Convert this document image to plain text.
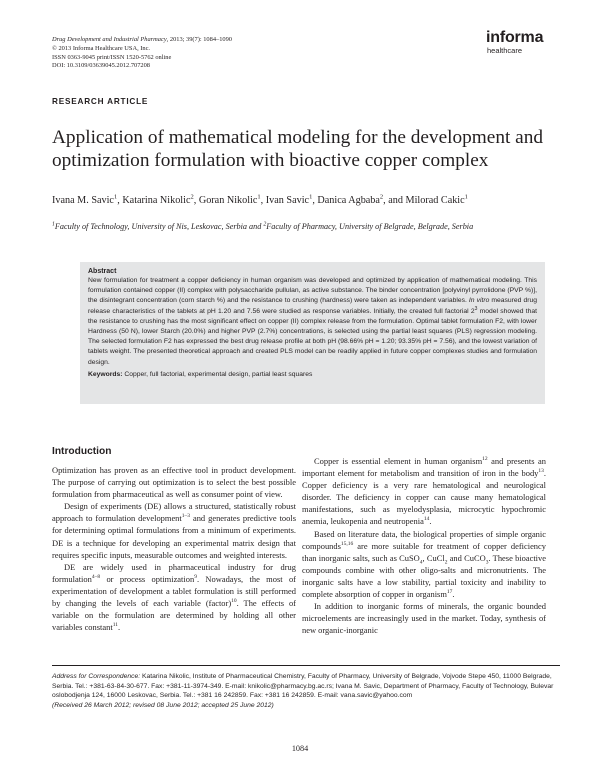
Drug Development and Industrial Pharmacy, 2013; 39(7): 1084–1090
© 2013 Informa Healthcare USA, Inc.
ISSN 0363-9045 print/ISSN 1520-5762 online
DOI: 10.3109/03639045.2012.707208
informa
healthcare
RESEARCH ARTICLE
Application of mathematical modeling for the development and optimization formulation with bioactive copper complex
Ivana M. Savic$^1$, Katarina Nikolic$^2$, Goran Nikolic$^1$, Ivan Savic$^1$, Danica Agbaba$^2$, and Milorad Cakic$^1$
$^1$Faculty of Technology, University of Nis, Leskovac, Serbia and $^2$Faculty of Pharmacy, University of Belgrade, Belgrade, Serbia
Abstract
New formulation for treatment a copper deficiency in human organism was developed and optimized by application of mathematical modeling. This formulation contained copper (II) complex with polysaccharide pullulan, as active substance. The binder concentration [polyvinyl pyrrolidone (PVP %)], the disintegrant concentration (corn starch %) and the resistance to crushing (hardness) were taken as independent variables. In vitro measured drug release characteristics of the tablets at pH 1.20 and 7.56 were studied as response variables. Initially, the created full factorial $2^3$ model showed that the resistance to crushing has the most significant effect on copper (II) complex release from the formulation. Optimal tablet formulation F2, with lower Hardness (50 N), lower Starch (20.0%) and higher PVP (2.7%) concentrations, is selected using the partial least squares (PLS) regression modeling. The selected formulation F2 has expressed the best drug release profile at both pH (98.66% pH = 1.20; 93.35% pH = 7.56), and the lowest variation of tablets weight. The presented theoretical approach and created PLS model can be readily applied in future copper complexes studies and formulation design.
Keywords: Copper, full factorial, experimental design, partial least squares
Introduction

Optimization has proven as an effective tool in product development. The purpose of carrying out optimization is to select the best possible formulation from pharmaceutical as well as consumer point of view.

Design of experiments (DE) allows a structured, statistically robust approach to formulation development$^{1-3}$ and generates predictive tools for determining optimal formulations from a minimum of experiments. DE is a technique for developing an experimental matrix design that requires specific inputs, measurable outcomes and weighted interests.

DE are widely used in pharmaceutical industry for drug formulation$^{4-8}$ or process optimization$^9$. Nowadays, the most of experimentation of development a tablet formulation is still performed by changing the levels of each variable (factor)$^{10}$. The effects of variable on the formulation are determined by holding all other variables constant$^{11}$.

Copper is essential element in human organism$^{12}$ and presents an important element for metabolism and transition of iron in the body$^{13}$. Copper deficiency is a very rare hematological and neurological disorder. The deficiency in copper can cause many hematological manifestations, such as myelodysplasia, microcytic hypochromic anemia, leukopenia and neutropenia$^{14}$.

Based on literature data, the biological properties of simple organic compounds$^{15,16}$ are more suitable for treatment of copper deficiency than inorganic salts, such as CuSO$_4$, CuCl$_2$ and CuCO$_3$. These bioactive compounds combine with other oligo-salts and micronutrients. The inorganic salts have a low stability, partial toxicity and inability to complete absorption of copper in organism$^{17}$.

In addition to inorganic forms of minerals, the organic bounded microelements are increasingly used in the market. Today, synthesis of new organic-inorganic

Address for Correspondence: Katarina Nikolic, Institute of Pharmaceutical Chemistry, Faculty of Pharmacy, University of Belgrade, Vojvode Stepe 450, 11000 Belgrade, Serbia. Tel.: +381-63-84-30-677. Fax: +381-11-3974-349. E-mail: knikolic@pharmacy.bg.ac.rs; Ivana M. Savic, Department of Pharmacy, Faculty of Technology, Bulevar oslobodjenja 124, 16000 Leskovac, Serbia. Tel.: +381 16 242859. Fax: +381 16 242859. E-mail: vana.savic@yahoo.com
(Received 26 March 2012; revised 08 June 2012; accepted 25 June 2012)
1084
